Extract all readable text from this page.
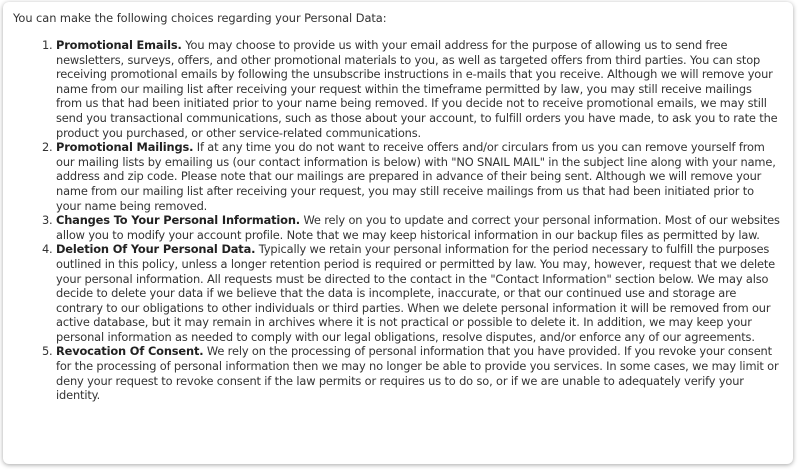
You can make the following choices regarding your Personal Data:

1. Promotional Emails. You may choose to provide us with your email address for the purpose of allowing us to send free newsletters, surveys, offers, and other promotional materials to you, as well as targeted offers from third parties. You can stop receiving promotional emails by following the unsubscribe instructions in e-mails that you receive. Although we will remove your name from our mailing list after receiving your request within the timeframe permitted by law, you may still receive mailings from us that had been initiated prior to your name being removed. If you decide not to receive promotional emails, we may still send you transactional communications, such as those about your account, to fulfill orders you have made, to ask you to rate the product you purchased, or other service-related communications.
2. Promotional Mailings. If at any time you do not want to receive offers and/or circulars from us you can remove yourself from our mailing lists by emailing us (our contact information is below) with "NO SNAIL MAIL" in the subject line along with your name, address and zip code. Please note that our mailings are prepared in advance of their being sent. Although we will remove your name from our mailing list after receiving your request, you may still receive mailings from us that had been initiated prior to your name being removed.
3. Changes To Your Personal Information. We rely on you to update and correct your personal information. Most of our websites allow you to modify your account profile. Note that we may keep historical information in our backup files as permitted by law.
4. Deletion Of Your Personal Data. Typically we retain your personal information for the period necessary to fulfill the purposes outlined in this policy, unless a longer retention period is required or permitted by law. You may, however, request that we delete your personal information. All requests must be directed to the contact in the "Contact Information" section below. We may also decide to delete your data if we believe that the data is incomplete, inaccurate, or that our continued use and storage are contrary to our obligations to other individuals or third parties. When we delete personal information it will be removed from our active database, but it may remain in archives where it is not practical or possible to delete it. In addition, we may keep your personal information as needed to comply with our legal obligations, resolve disputes, and/or enforce any of our agreements.
5. Revocation Of Consent. We rely on the processing of personal information that you have provided. If you revoke your consent for the processing of personal information then we may no longer be able to provide you services. In some cases, we may limit or deny your request to revoke consent if the law permits or requires us to do so, or if we are unable to adequately verify your identity.
